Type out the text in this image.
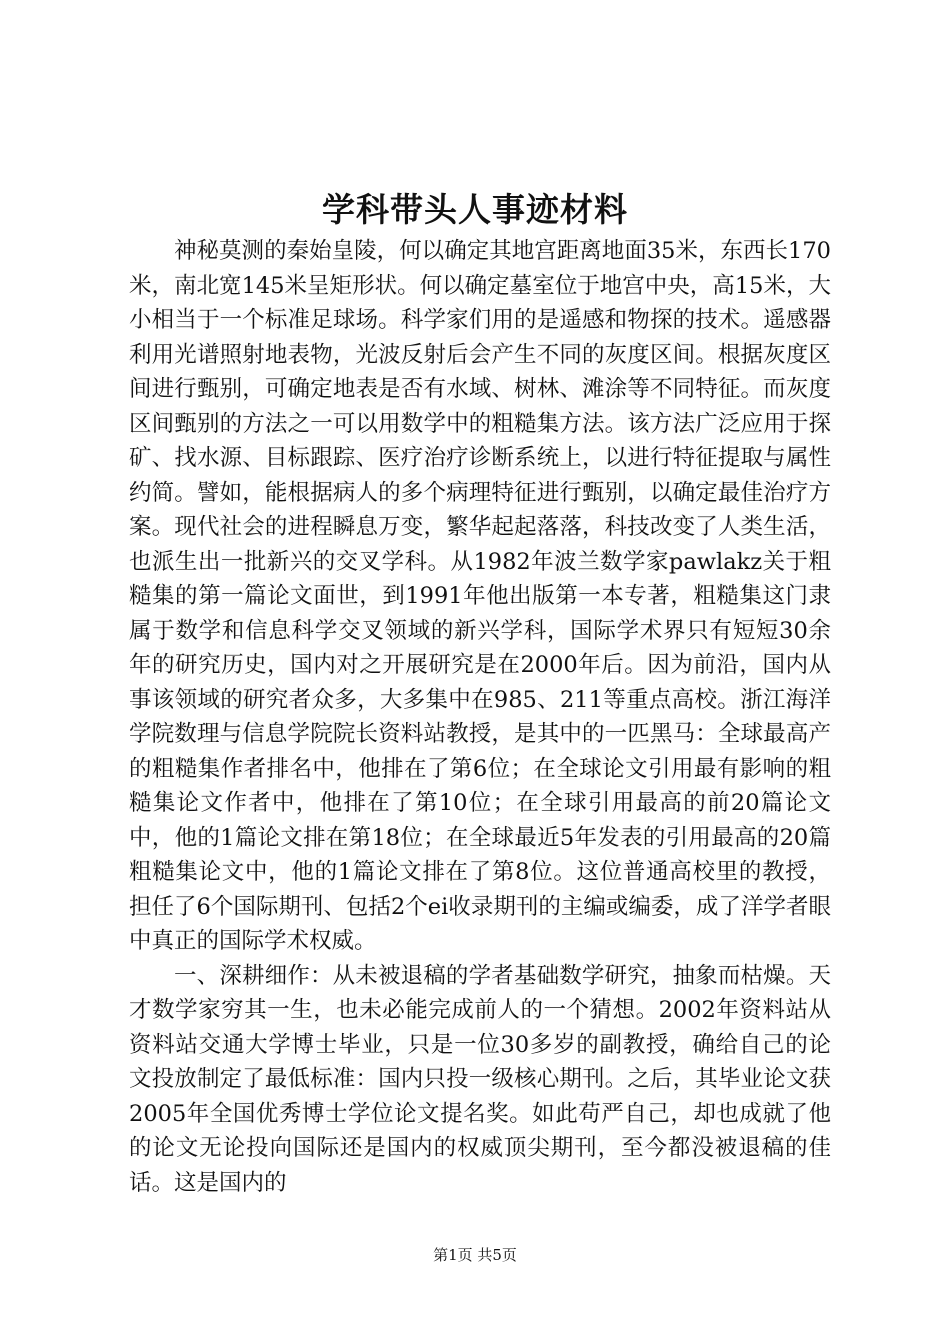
学科带头人事迹材料

神秘莫测的秦始皇陵，何以确定其地宫距离地面35米，东西长170米，南北宽145米呈矩形状。何以确定墓室位于地宫中央，高15米，大小相当于一个标准足球场。科学家们用的是遥感和物探的技术。遥感器利用光谱照射地表物，光波反射后会产生不同的灰度区间。根据灰度区间进行甄别，可确定地表是否有水域、树林、滩涂等不同特征。而灰度区间甄别的方法之一可以用数学中的粗糙集方法。该方法广泛应用于探矿、找水源、目标跟踪、医疗治疗诊断系统上，以进行特征提取与属性约简。譬如，能根据病人的多个病理特征进行甄别，以确定最佳治疗方案。现代社会的进程瞬息万变，繁华起起落落，科技改变了人类生活，也派生出一批新兴的交叉学科。从1982年波兰数学家pawlakz关于粗糙集的第一篇论文面世，到1991年他出版第一本专著，粗糙集这门隶属于数学和信息科学交叉领域的新兴学科，国际学术界只有短短30余年的研究历史，国内对之开展研究是在2000年后。因为前沿，国内从事该领域的研究者众多，大多集中在985、211等重点高校。浙江海洋学院数理与信息学院院长资料站教授，是其中的一匹黑马：全球最高产的粗糙集作者排名中，他排在了第6位；在全球论文引用最有影响的粗糙集论文作者中，他排在了第10位；在全球引用最高的前20篇论文中，他的1篇论文排在第18位；在全球最近5年发表的引用最高的20篇粗糙集论文中，他的1篇论文排在了第8位。这位普通高校里的教授，担任了6个国际期刊、包括2个ei收录期刊的主编或编委，成了洋学者眼中真正的国际学术权威。

一、深耕细作：从未被退稿的学者基础数学研究，抽象而枯燥。天才数学家穷其一生，也未必能完成前人的一个猜想。2002年资料站从资料站交通大学博士毕业，只是一位30多岁的副教授，确给自己的论文投放制定了最低标准：国内只投一级核心期刊。之后，其毕业论文获2005年全国优秀博士学位论文提名奖。如此苟严自己，却也成就了他的论文无论投向国际还是国内的权威顶尖期刊，至今都没被退稿的佳话。这是国内的

第1页 共5页
